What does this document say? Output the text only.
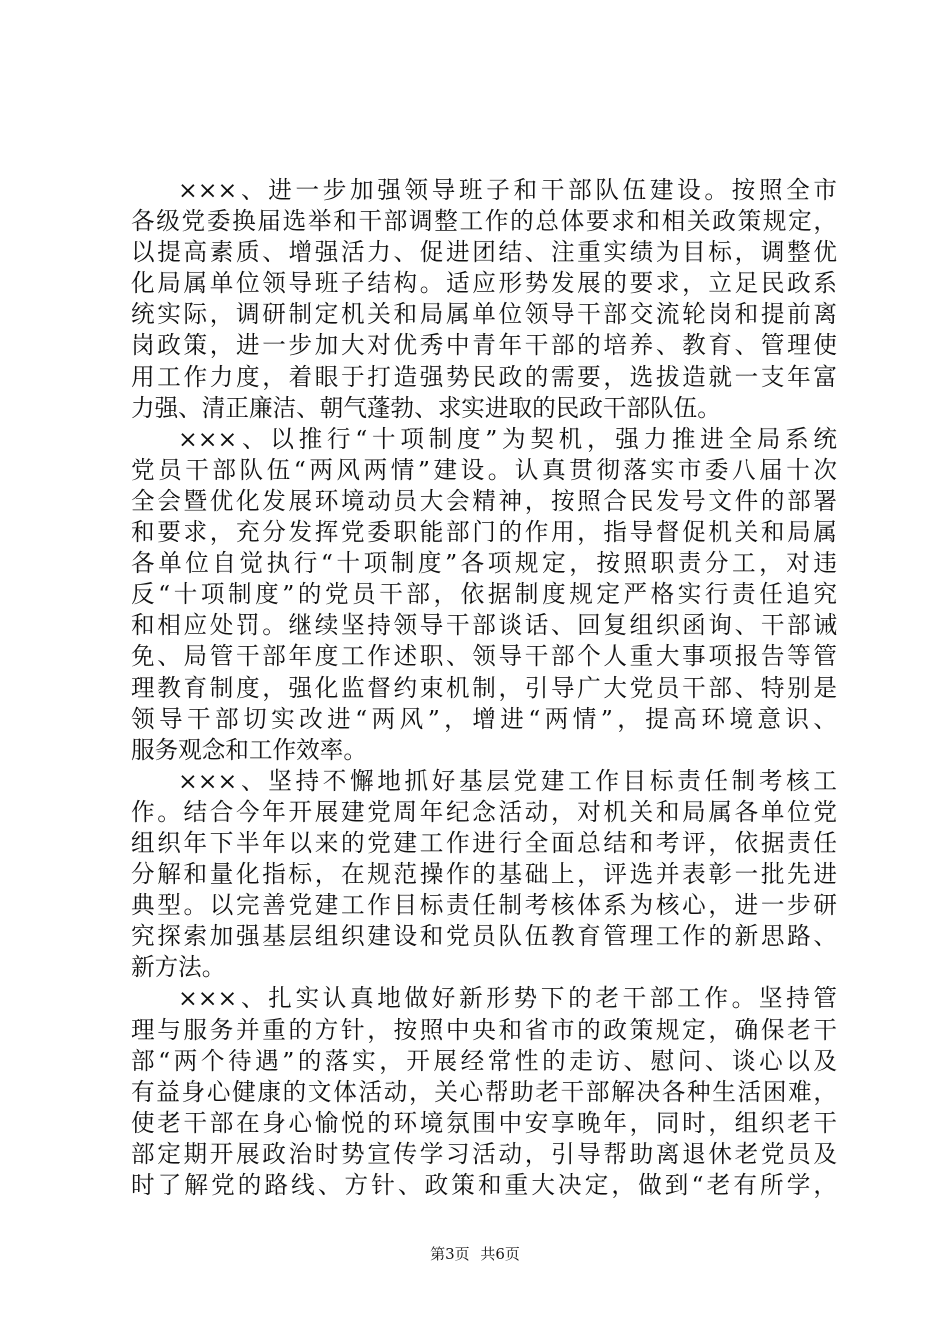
×××、进一步加强领导班子和干部队伍建设。按照全市
各级党委换届选举和干部调整工作的总体要求和相关政策规定，
以提高素质、增强活力、促进团结、注重实绩为目标，调整优
化局属单位领导班子结构。适应形势发展的要求，立足民政系
统实际，调研制定机关和局属单位领导干部交流轮岗和提前离
岗政策，进一步加大对优秀中青年干部的培养、教育、管理使
用工作力度，着眼于打造强势民政的需要，选拔造就一支年富
力强、清正廉洁、朝气蓬勃、求实进取的民政干部队伍。
×××、以推行“十项制度”为契机，强力推进全局系统
党员干部队伍“两风两情”建设。认真贯彻落实市委八届十次
全会暨优化发展环境动员大会精神，按照合民发号文件的部署
和要求，充分发挥党委职能部门的作用，指导督促机关和局属
各单位自觉执行“十项制度”各项规定，按照职责分工，对违
反“十项制度”的党员干部，依据制度规定严格实行责任追究
和相应处罚。继续坚持领导干部谈话、回复组织函询、干部诫
免、局管干部年度工作述职、领导干部个人重大事项报告等管
理教育制度，强化监督约束机制，引导广大党员干部、特别是
领导干部切实改进“两风”，增进“两情”，提高环境意识、
服务观念和工作效率。
×××、坚持不懈地抓好基层党建工作目标责任制考核工
作。结合今年开展建党周年纪念活动，对机关和局属各单位党
组织年下半年以来的党建工作进行全面总结和考评，依据责任
分解和量化指标，在规范操作的基础上，评选并表彰一批先进
典型。以完善党建工作目标责任制考核体系为核心，进一步研
究探索加强基层组织建设和党员队伍教育管理工作的新思路、
新方法。
×××、扎实认真地做好新形势下的老干部工作。坚持管
理与服务并重的方针，按照中央和省市的政策规定，确保老干
部“两个待遇”的落实，开展经常性的走访、慰问、谈心以及
有益身心健康的文体活动，关心帮助老干部解决各种生活困难，
使老干部在身心愉悦的环境氛围中安享晚年，同时，组织老干
部定期开展政治时势宣传学习活动，引导帮助离退休老党员及
时了解党的路线、方针、政策和重大决定，做到“老有所学，
第3页 共6页
